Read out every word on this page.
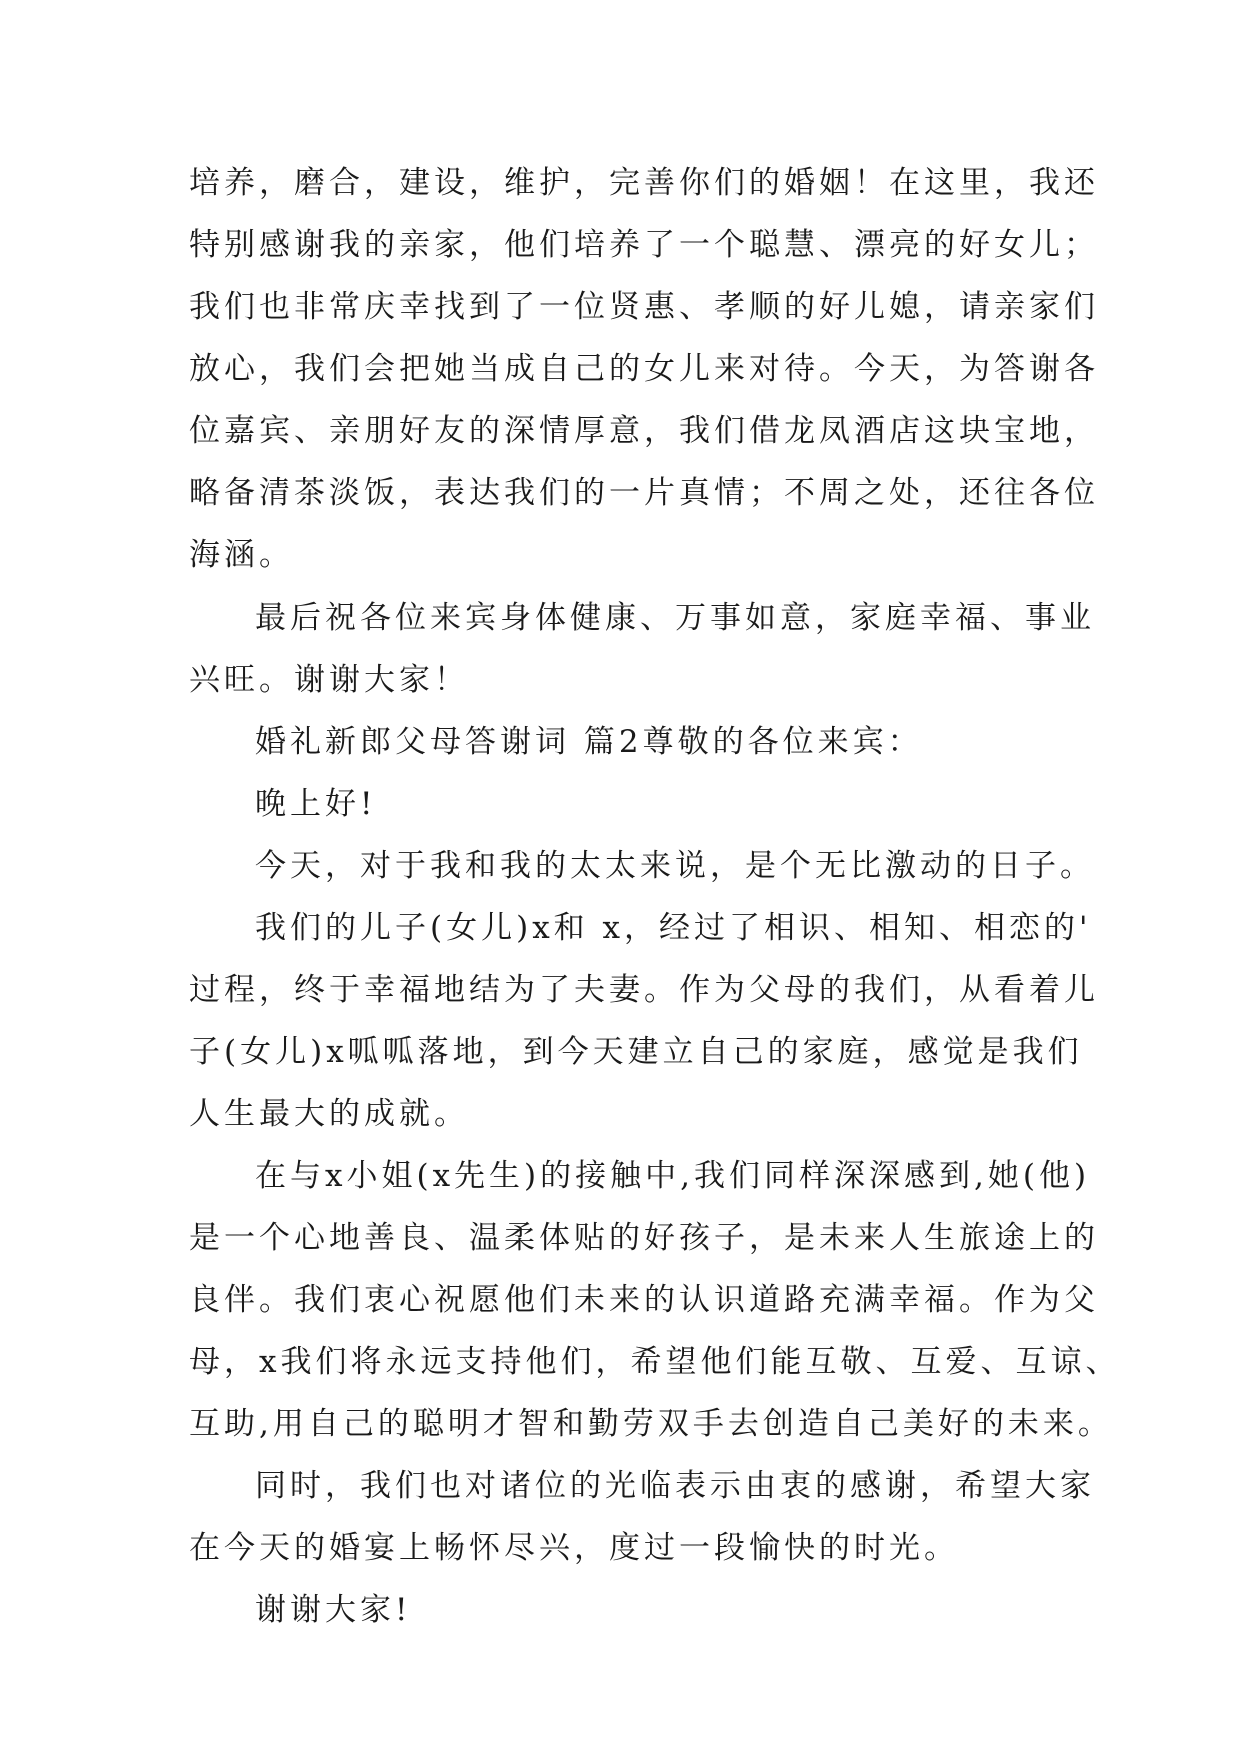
培养，磨合，建设，维护，完善你们的婚姻！在这里，我还
特别感谢我的亲家，他们培养了一个聪慧、漂亮的好女儿；
我们也非常庆幸找到了一位贤惠、孝顺的好儿媳，请亲家们
放心，我们会把她当成自己的女儿来对待。今天，为答谢各
位嘉宾、亲朋好友的深情厚意，我们借龙凤酒店这块宝地，
略备清茶淡饭，表达我们的一片真情；不周之处，还往各位
海涵。
最后祝各位来宾身体健康、万事如意，家庭幸福、事业
兴旺。谢谢大家！
婚礼新郎父母答谢词 篇2尊敬的各位来宾：
晚上好!
今天，对于我和我的太太来说，是个无比激动的日子。
我们的儿子(女儿)x和 x，经过了相识、相知、相恋的'
过程，终于幸福地结为了夫妻。作为父母的我们，从看着儿
子(女儿)x呱呱落地，到今天建立自己的家庭，感觉是我们
人生最大的成就。
在与x小姐(x先生)的接触中,我们同样深深感到,她(他)
是一个心地善良、温柔体贴的好孩子，是未来人生旅途上的
良伴。我们衷心祝愿他们未来的认识道路充满幸福。作为父
母，x我们将永远支持他们，希望他们能互敬、互爱、互谅、
互助,用自己的聪明才智和勤劳双手去创造自己美好的未来。
同时，我们也对诸位的光临表示由衷的感谢，希望大家
在今天的婚宴上畅怀尽兴，度过一段愉快的时光。
谢谢大家!
